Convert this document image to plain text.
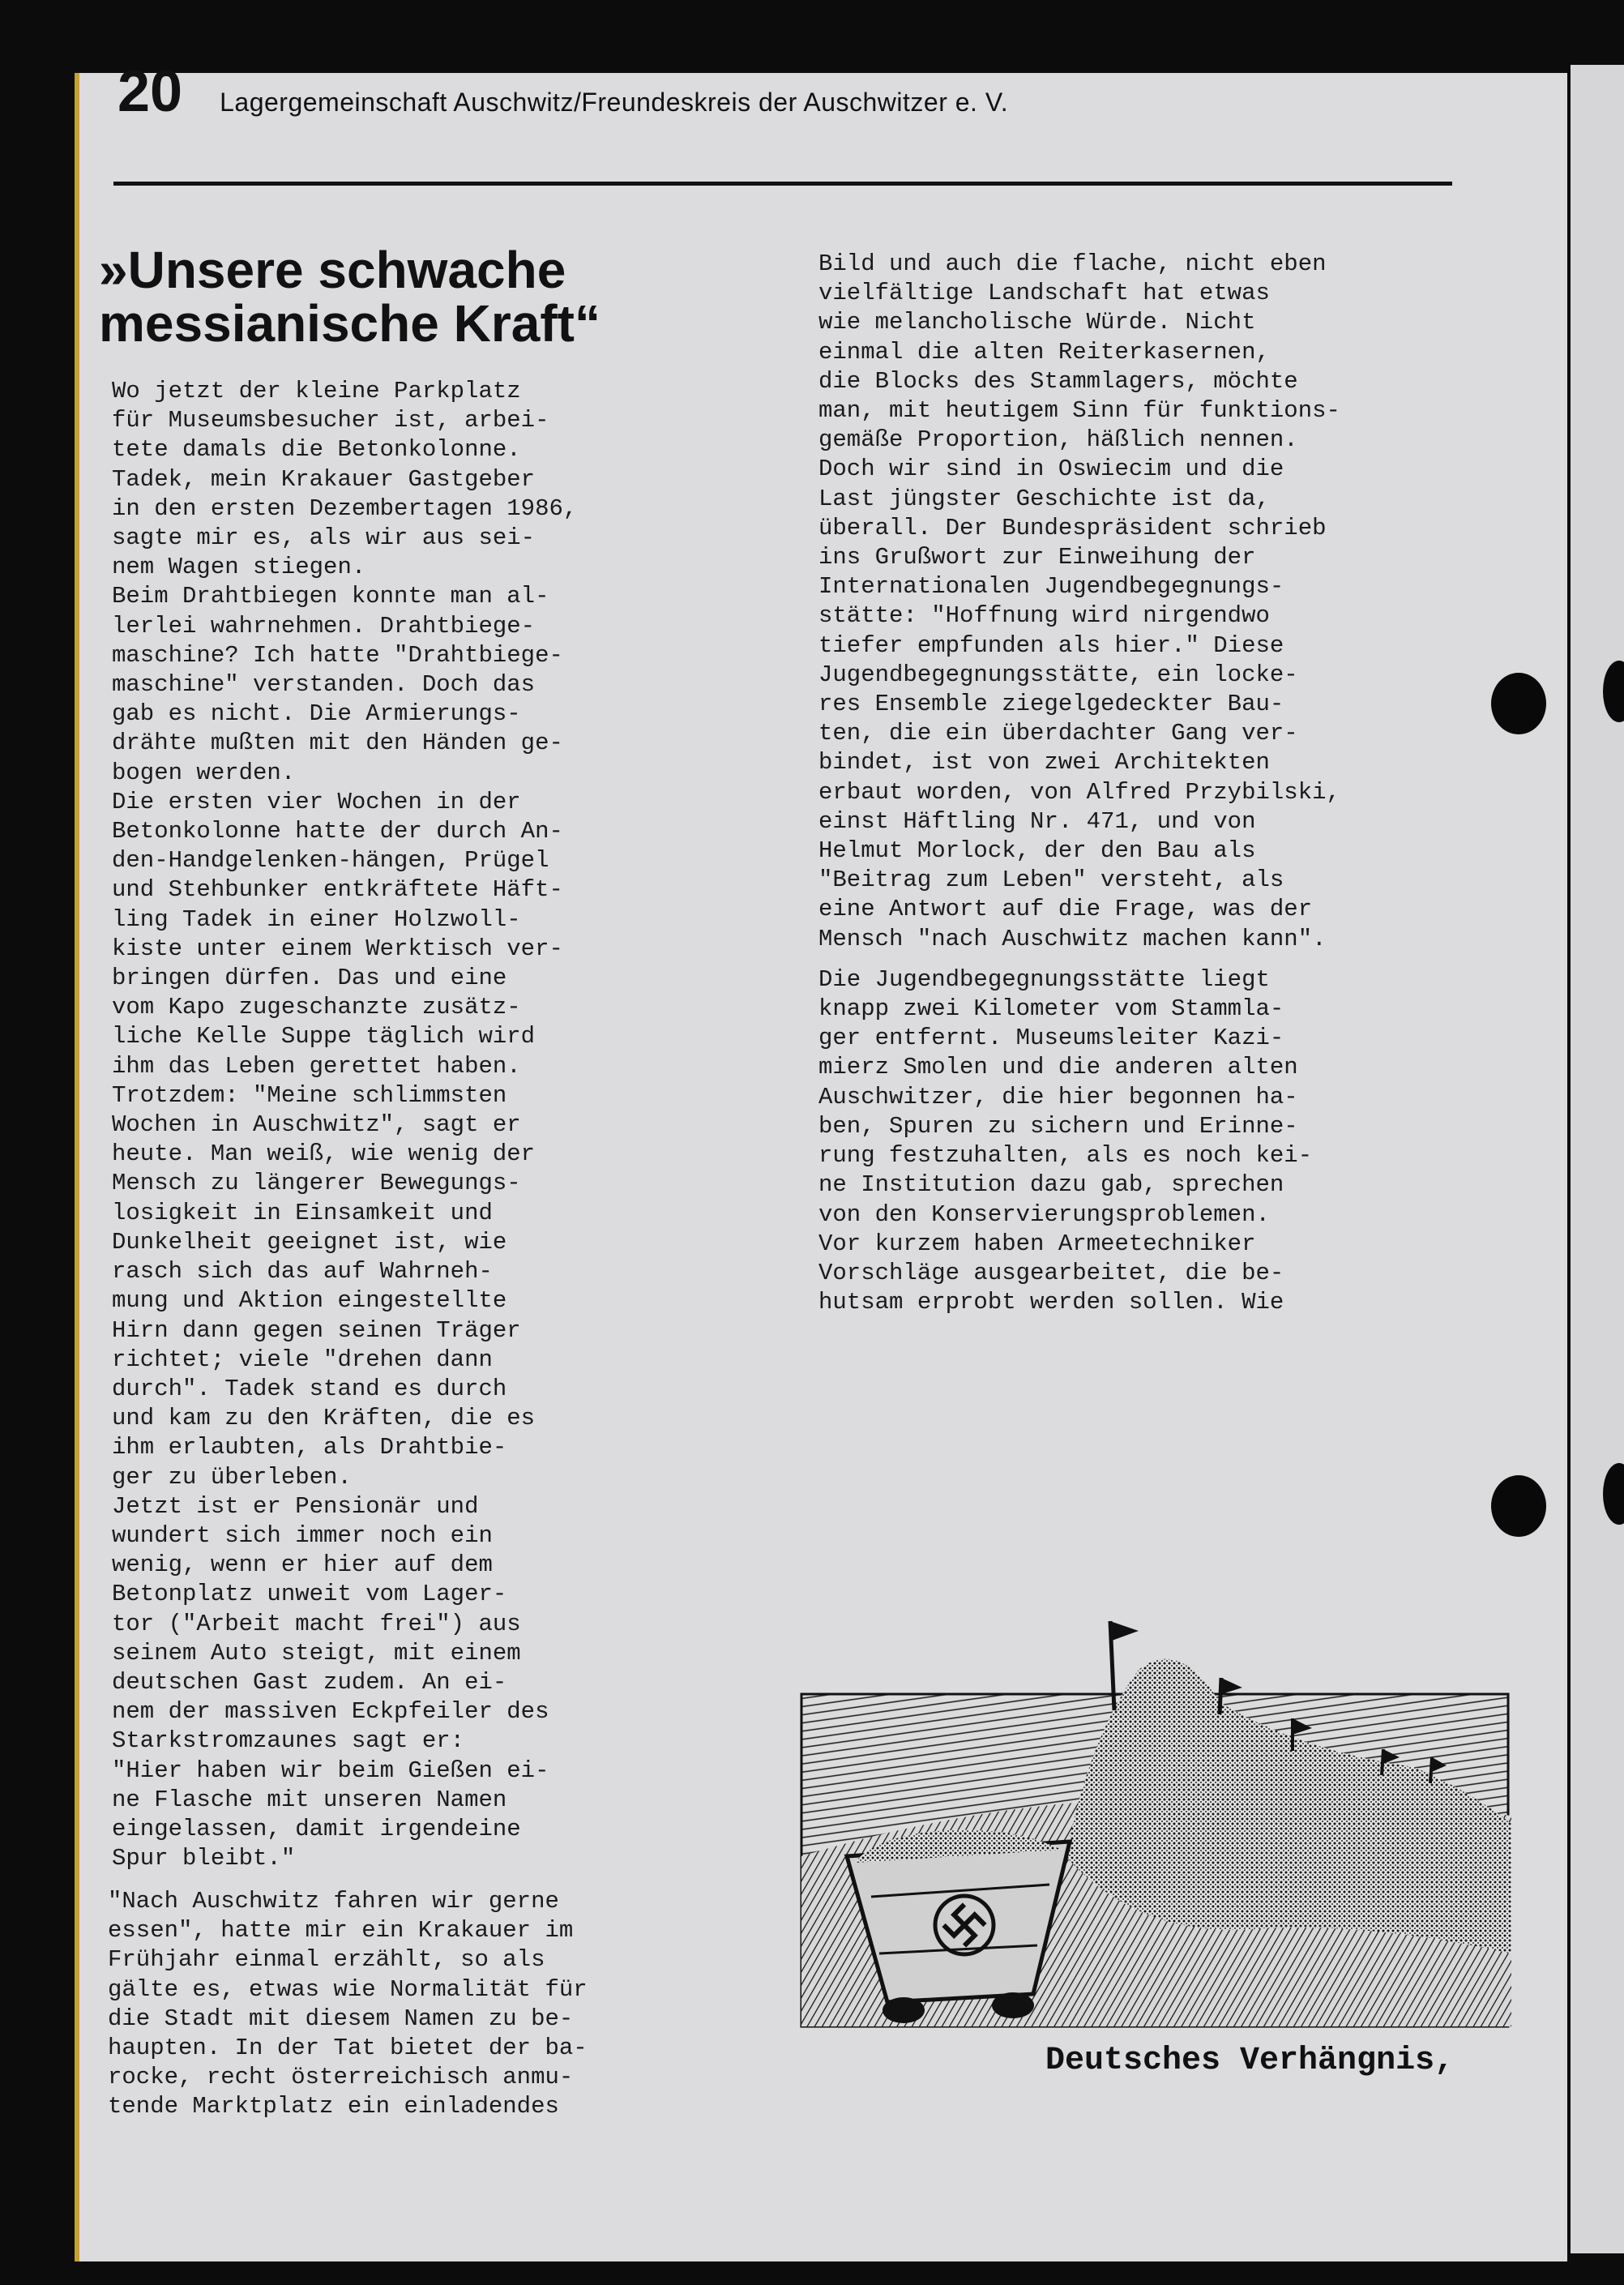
20 Lagergemeinschaft Auschwitz/Freundeskreis der Auschwitzer e. V.
»Unsere schwache
messianische Kraft“
Wo jetzt der kleine Parkplatz
für Museumsbesucher ist, arbei-
tete damals die Betonkolonne.
Tadek, mein Krakauer Gastgeber
in den ersten Dezembertagen 1986,
sagte mir es, als wir aus sei-
nem Wagen stiegen.
Beim Drahtbiegen konnte man al-
lerlei wahrnehmen. Drahtbiege-
maschine? Ich hatte "Drahtbiege-
maschine" verstanden. Doch das
gab es nicht. Die Armierungs-
drähte mußten mit den Händen ge-
bogen werden.
Die ersten vier Wochen in der
Betonkolonne hatte der durch An-
den-Handgelenken-hängen, Prügel
und Stehbunker entkräftete Häft-
ling Tadek in einer Holzwoll-
kiste unter einem Werktisch ver-
bringen dürfen. Das und eine
vom Kapo zugeschanzte zusätz-
liche Kelle Suppe täglich wird
ihm das Leben gerettet haben.
Trotzdem: "Meine schlimmsten
Wochen in Auschwitz", sagt er
heute. Man weiß, wie wenig der
Mensch zu längerer Bewegungs-
losigkeit in Einsamkeit und
Dunkelheit geeignet ist, wie
rasch sich das auf Wahrneh-
mung und Aktion eingestellte
Hirn dann gegen seinen Träger
richtet; viele "drehen dann
durch". Tadek stand es durch
und kam zu den Kräften, die es
ihm erlaubten, als Drahtbie-
ger zu überleben.
Jetzt ist er Pensionär und
wundert sich immer noch ein
wenig, wenn er hier auf dem
Betonplatz unweit vom Lager-
tor ("Arbeit macht frei") aus
seinem Auto steigt, mit einem
deutschen Gast zudem. An ei-
nem der massiven Eckpfeiler des
Starkstromzaunes sagt er:
"Hier haben wir beim Gießen ei-
ne Flasche mit unseren Namen
eingelassen, damit irgendeine
Spur bleibt."
Bild und auch die flache, nicht eben
vielfältige Landschaft hat etwas
wie melancholische Würde. Nicht
einmal die alten Reiterkasernen,
die Blocks des Stammlagers, möchte
man, mit heutigem Sinn für funktions-
gemäße Proportion, häßlich nennen.
Doch wir sind in Oswiecim und die
Last jüngster Geschichte ist da,
überall. Der Bundespräsident schrieb
ins Grußwort zur Einweihung der
Internationalen Jugendbegegnungs-
stätte: "Hoffnung wird nirgendwo
tiefer empfunden als hier." Diese
Jugendbegegnungsstätte, ein locke-
res Ensemble ziegelgedeckter Bau-
ten, die ein überdachter Gang ver-
bindet, ist von zwei Architekten
erbaut worden, von Alfred Przybilski,
einst Häftling Nr. 471, und von
Helmut Morlock, der den Bau als
"Beitrag zum Leben" versteht, als
eine Antwort auf die Frage, was der
Mensch "nach Auschwitz machen kann".
Die Jugendbegegnungsstätte liegt
knapp zwei Kilometer vom Stammla-
ger entfernt. Museumsleiter Kazi-
mierz Smolen und die anderen alten
Auschwitzer, die hier begonnen ha-
ben, Spuren zu sichern und Erinne-
rung festzuhalten, als es noch kei-
ne Institution dazu gab, sprechen
von den Konservierungsproblemen.
Vor kurzem haben Armeetechniker
Vorschläge ausgearbeitet, die be-
hutsam erprobt werden sollen. Wie
"Nach Auschwitz fahren wir gerne
essen", hatte mir ein Krakauer im
Frühjahr einmal erzählt, so als
gälte es, etwas wie Normalität für
die Stadt mit diesem Namen zu be-
haupten. In der Tat bietet der ba-
rocke, recht österreichisch anmu-
tende Marktplatz ein einladendes
Deutsches Verhängnis,
